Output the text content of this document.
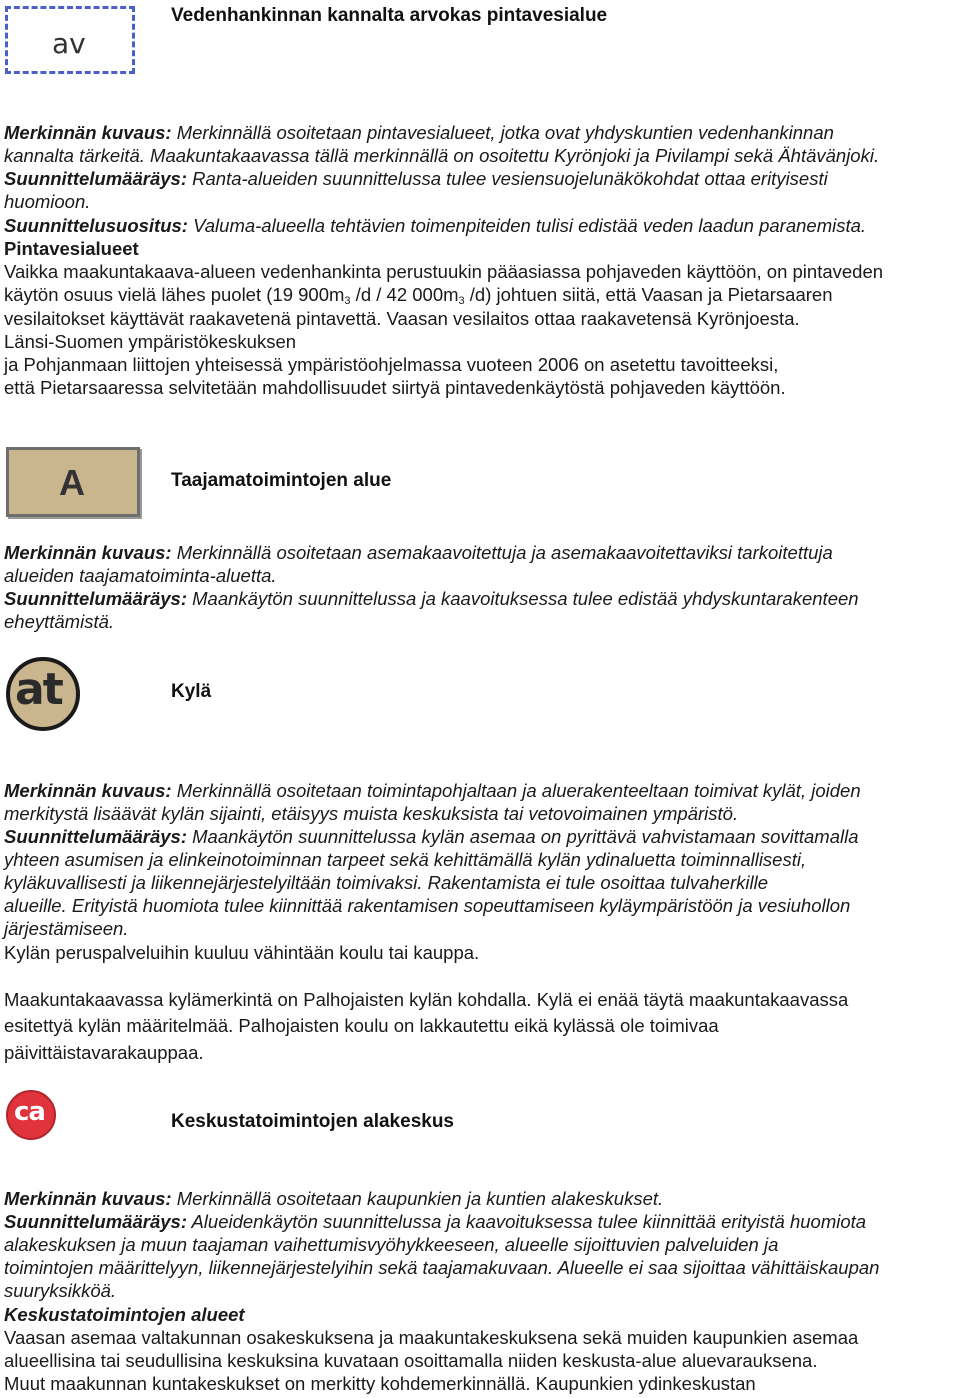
av
Vedenhankinnan kannalta arvokas pintavesialue
Merkinnän kuvaus: Merkinnällä osoitetaan pintavesialueet, jotka ovat yhdyskuntien vedenhankinnan
kannalta tärkeitä. Maakuntakaavassa tällä merkinnällä on osoitettu Kyrönjoki ja Pivilampi sekä Ähtävänjoki.
Suunnittelumääräys: Ranta-alueiden suunnittelussa tulee vesiensuojelunäkökohdat ottaa erityisesti
huomioon.
Suunnittelusuositus: Valuma-alueella tehtävien toimenpiteiden tulisi edistää veden laadun paranemista.
Pintavesialueet
Vaikka maakuntakaava-alueen vedenhankinta perustuukin pääasiassa pohjaveden käyttöön, on pintaveden
käytön osuus vielä lähes puolet (19 $900m_3$ /d / 42 $000m_3$ /d) johtuen siitä, että Vaasan ja Pietarsaaren
vesilaitokset käyttävät raakavetenä pintavettä. Vaasan vesilaitos ottaa raakavetensä Kyrönjoesta.
Länsi-Suomen ympäristökeskuksen
ja Pohjanmaan liittojen yhteisessä ympäristöohjelmassa vuoteen 2006 on asetettu tavoitteeksi,
että Pietarsaaressa selvitetään mahdollisuudet siirtyä pintavedenkäytöstä pohjaveden käyttöön.
A	Taajamatoimintojen alue
Merkinnän kuvaus: Merkinnällä osoitetaan asemakaavoitettuja ja asemakaavoitettaviksi tarkoitettuja
alueiden taajamatoiminta-aluetta.
Suunnittelumääräys: Maankäytön suunnittelussa ja kaavoituksessa tulee edistää yhdyskuntarakenteen
eheyttämistä.
at	Kylä
Merkinnän kuvaus: Merkinnällä osoitetaan toimintapohjaltaan ja aluerakenteeltaan toimivat kylät, joiden
merkitystä lisäävät kylän sijainti, etäisyys muista keskuksista tai vetovoimainen ympäristö.
Suunnittelumääräys: Maankäytön suunnittelussa kylän asemaa on pyrittävä vahvistamaan sovittamalla
yhteen asumisen ja elinkeinotoiminnan tarpeet sekä kehittämällä kylän ydinaluetta toiminnallisesti,
kyläkuvallisesti ja liikennejärjestelyiltään toimivaksi. Rakentamista ei tule osoittaa tulvaherkille
alueille. Erityistä huomiota tulee kiinnittää rakentamisen sopeuttamiseen kyläympäristöön ja vesiuhollon
järjestämiseen.
Kylän peruspalveluihin kuuluu vähintään koulu tai kauppa.
Maakuntakaavassa kylämerkintä on Palhojaisten kylän kohdalla. Kylä ei enää täytä maakuntakaavassa
esitettyä kylän määritelmää. Palhojaisten koulu on lakkautettu eikä kylässä ole toimivaa
päivittäistavarakauppaa.
ca	Keskustatoimintojen alakeskus
Merkinnän kuvaus: Merkinnällä osoitetaan kaupunkien ja kuntien alakeskukset.
Suunnittelumääräys: Alueidenkäytön suunnittelussa ja kaavoituksessa tulee kiinnittää erityistä huomiota
alakeskuksen ja muun taajaman vaihettumisvyöhykkeeseen, alueelle sijoittuvien palveluiden ja
toimintojen määrittelyyn, liikennejärjestelyihin sekä taajamakuvaan. Alueelle ei saa sijoittaa vähittäiskaupan
suuryksikköä.
Keskustatoimintojen alueet
Vaasan asemaa valtakunnan osakeskuksena ja maakuntakeskuksena sekä muiden kaupunkien asemaa
alueellisina tai seudullisina keskuksina kuvataan osoittamalla niiden keskusta-alue aluevarauksena.
Muut maakunnan kuntakeskukset on merkitty kohdemerkinnällä. Kaupunkien ydinkeskustan
